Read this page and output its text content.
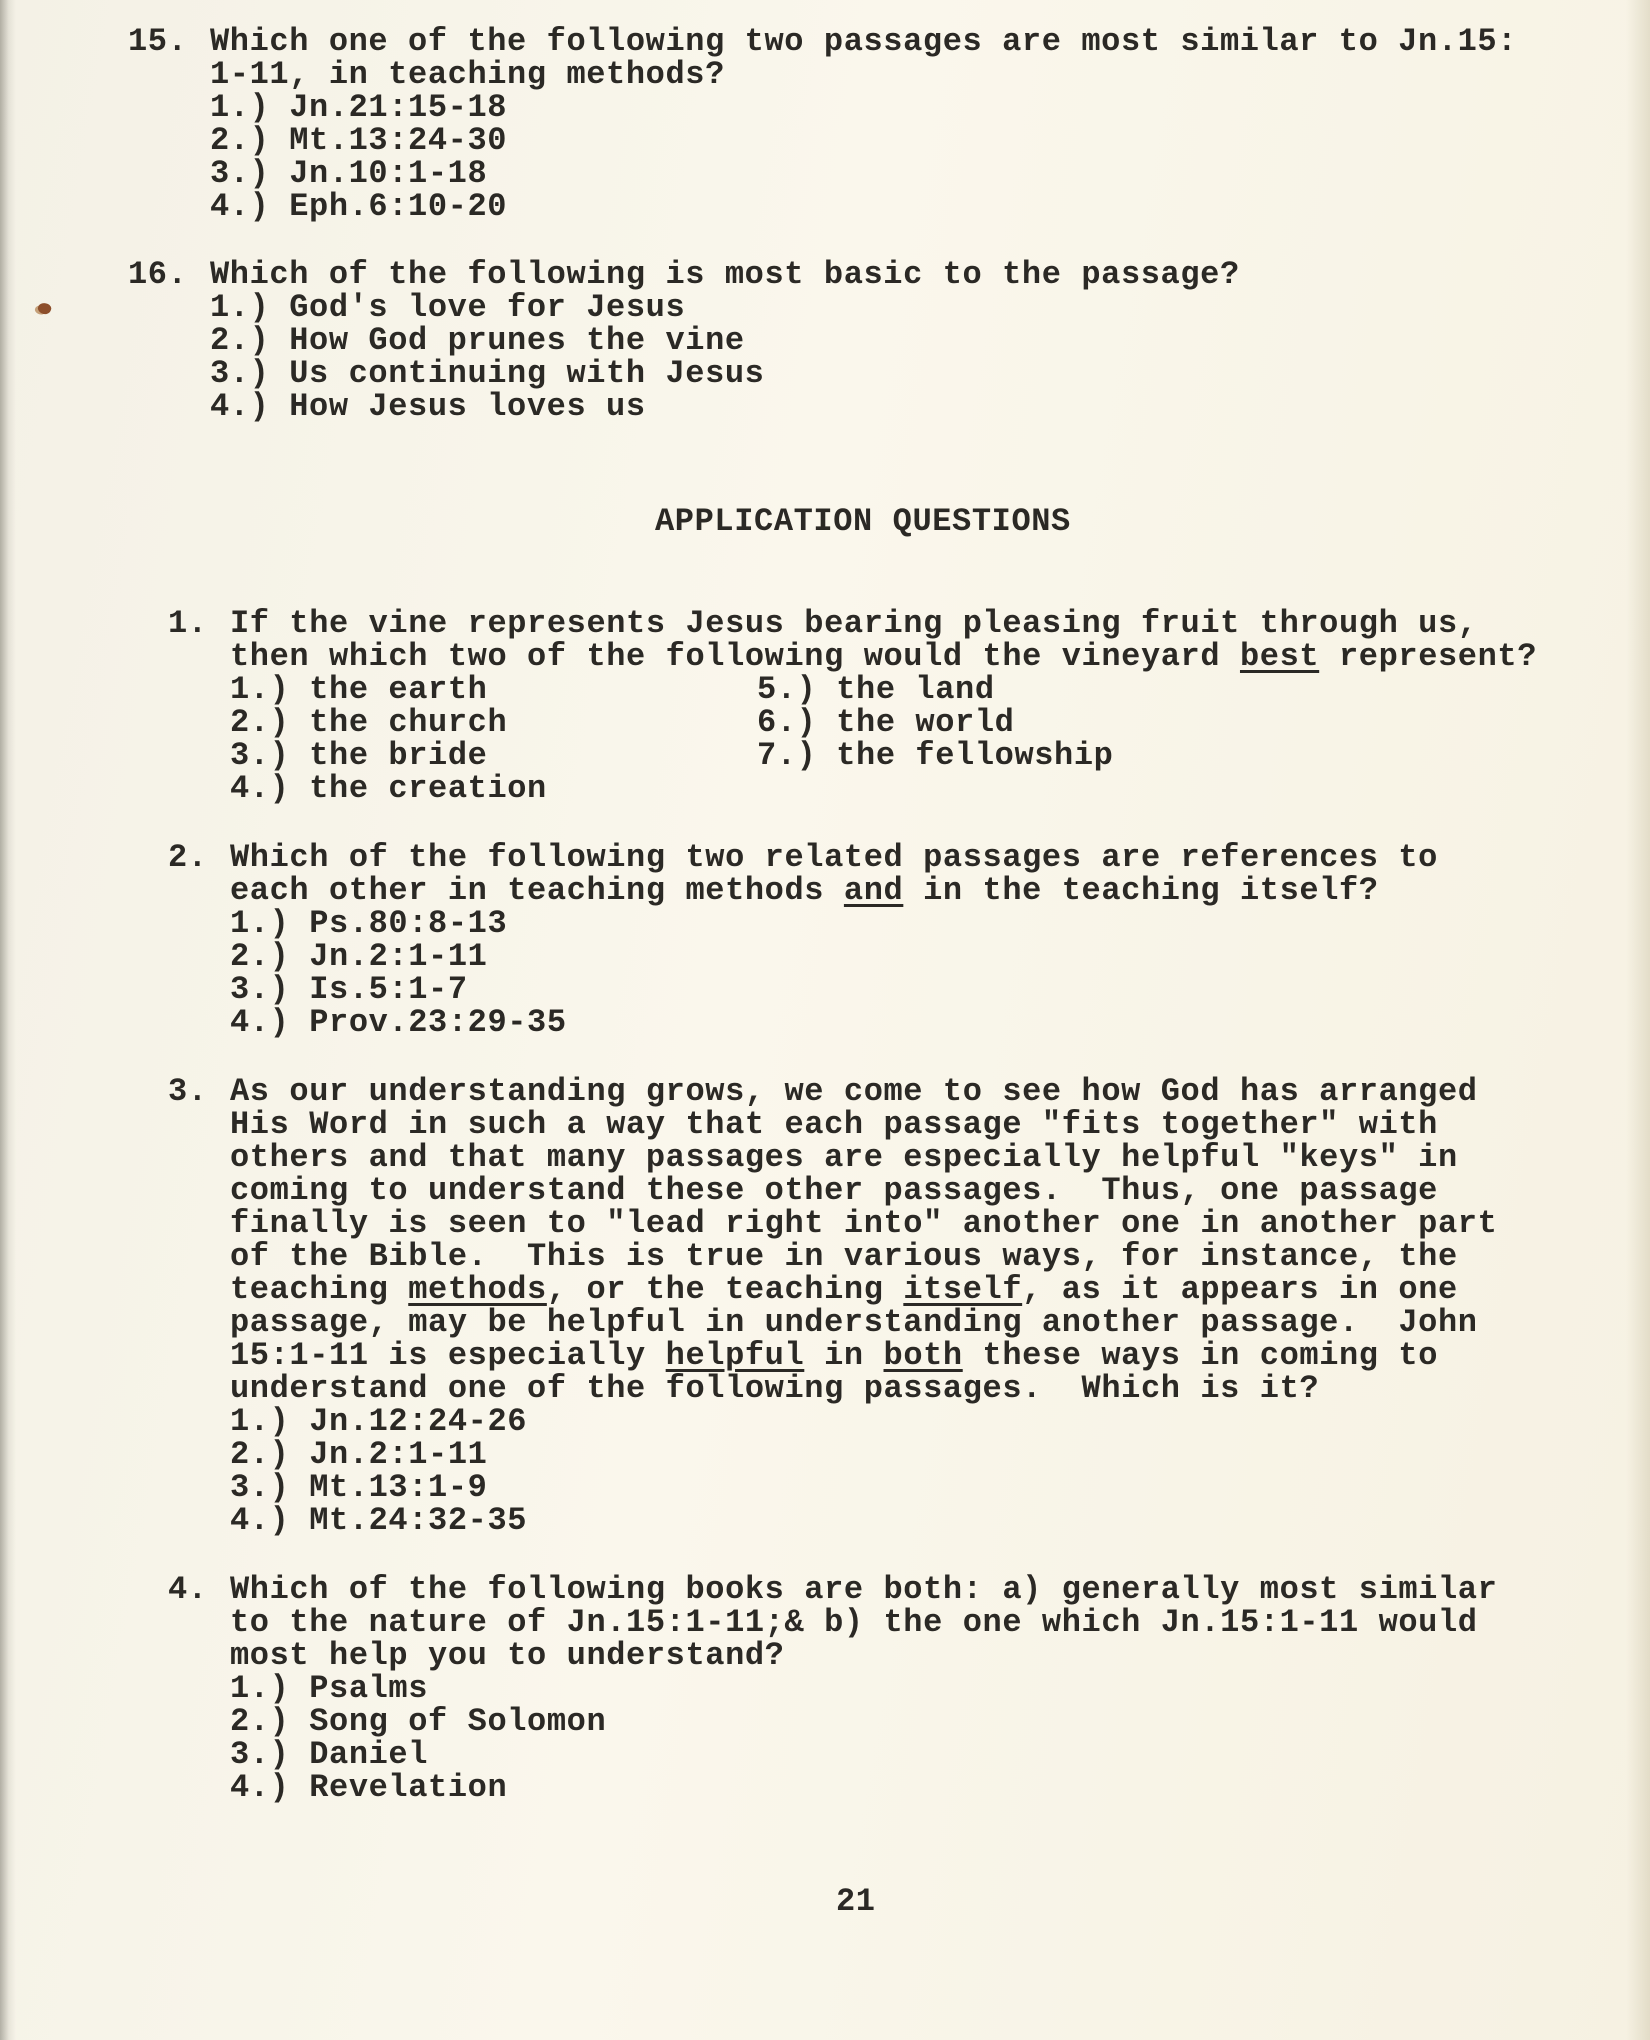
15. Which one of the following two passages are most similar to Jn.15:
1-11, in teaching methods?
1.) Jn.21:15-18
2.) Mt.13:24-30
3.) Jn.10:1-18
4.) Eph.6:10-20
16. Which of the following is most basic to the passage?
1.) God's love for Jesus
2.) How God prunes the vine
3.) Us continuing with Jesus
4.) How Jesus loves us
APPLICATION QUESTIONS
1. If the vine represents Jesus bearing pleasing fruit through us,
then which two of the following would the vineyard best represent?
1.) the earth	5.) the land
2.) the church	6.) the world
3.) the bride	7.) the fellowship
4.) the creation
2. Which of the following two related passages are references to
each other in teaching methods and in the teaching itself?
1.) Ps.80:8-13
2.) Jn.2:1-11
3.) Is.5:1-7
4.) Prov.23:29-35
3. As our understanding grows, we come to see how God has arranged
His Word in such a way that each passage "fits together" with
others and that many passages are especially helpful "keys" in
coming to understand these other passages.  Thus, one passage
finally is seen to "lead right into" another one in another part
of the Bible.  This is true in various ways, for instance, the
teaching methods, or the teaching itself, as it appears in one
passage, may be helpful in understanding another passage.  John
15:1-11 is especially helpful in both these ways in coming to
understand one of the following passages.  Which is it?
1.) Jn.12:24-26
2.) Jn.2:1-11
3.) Mt.13:1-9
4.) Mt.24:32-35
4. Which of the following books are both: a) generally most similar
to the nature of Jn.15:1-11;& b) the one which Jn.15:1-11 would
most help you to understand?
1.) Psalms
2.) Song of Solomon
3.) Daniel
4.) Revelation
21
